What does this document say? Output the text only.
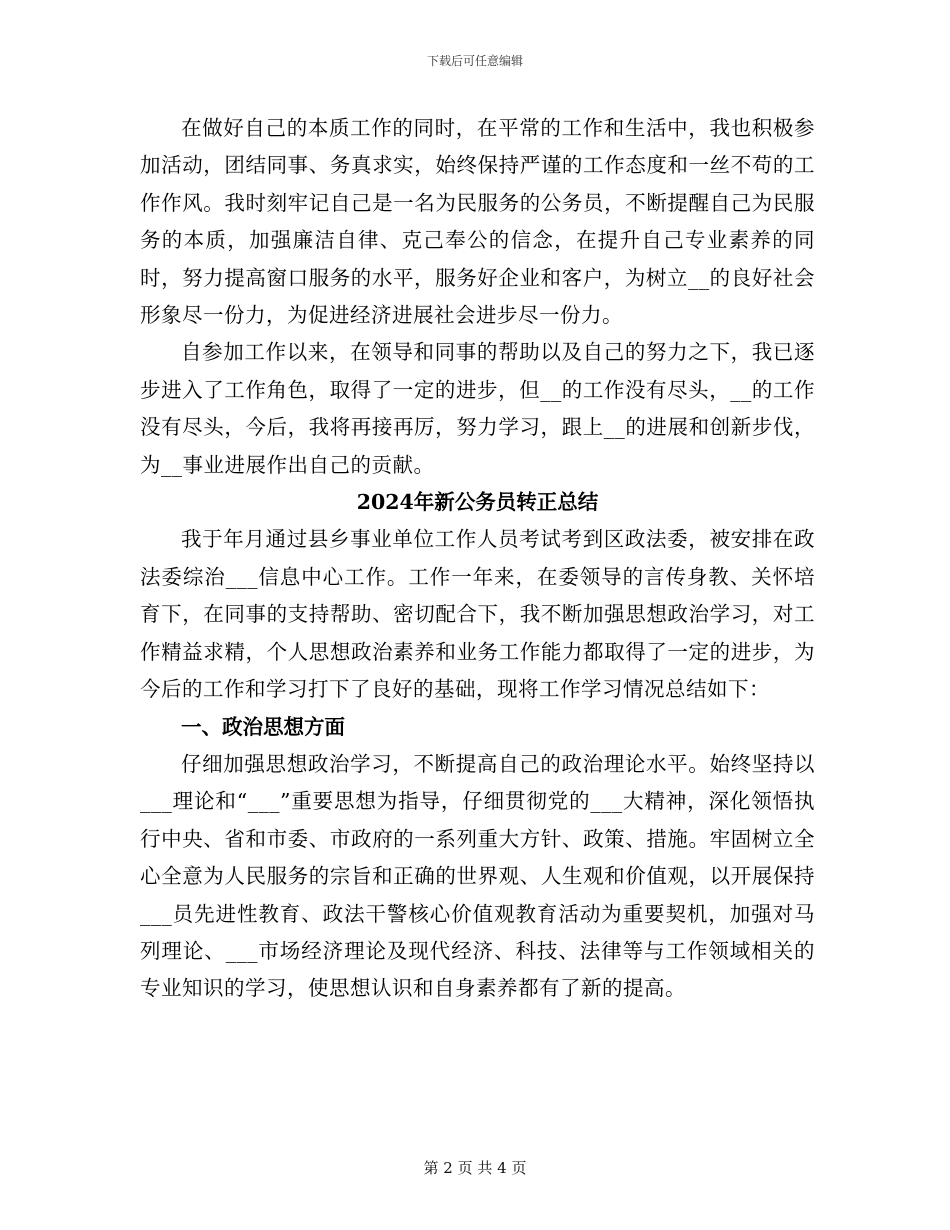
下载后可任意编辑

在做好自己的本质工作的同时，在平常的工作和生活中，我也积极参加活动，团结同事、务真求实，始终保持严谨的工作态度和一丝不苟的工作作风。我时刻牢记自己是一名为民服务的公务员，不断提醒自己为民服务的本质，加强廉洁自律、克己奉公的信念，在提升自己专业素养的同时，努力提高窗口服务的水平，服务好企业和客户，为树立__的良好社会形象尽一份力，为促进经济进展社会进步尽一份力。

自参加工作以来，在领导和同事的帮助以及自己的努力之下，我已逐步进入了工作角色，取得了一定的进步，但__的工作没有尽头，__的工作没有尽头，今后，我将再接再厉，努力学习，跟上__的进展和创新步伐，为__事业进展作出自己的贡献。

2024年新公务员转正总结

我于年月通过县乡事业单位工作人员考试考到区政法委，被安排在政法委综治___信息中心工作。工作一年来，在委领导的言传身教、关怀培育下，在同事的支持帮助、密切配合下，我不断加强思想政治学习，对工作精益求精，个人思想政治素养和业务工作能力都取得了一定的进步，为今后的工作和学习打下了良好的基础，现将工作学习情况总结如下：

一、政治思想方面

仔细加强思想政治学习，不断提高自己的政治理论水平。始终坚持以___理论和“___”重要思想为指导，仔细贯彻党的___大精神，深化领悟执行中央、省和市委、市政府的一系列重大方针、政策、措施。牢固树立全心全意为人民服务的宗旨和正确的世界观、人生观和价值观，以开展保持___员先进性教育、政法干警核心价值观教育活动为重要契机，加强对马列理论、___市场经济理论及现代经济、科技、法律等与工作领域相关的专业知识的学习，使思想认识和自身素养都有了新的提高。

第 2 页 共 4 页
